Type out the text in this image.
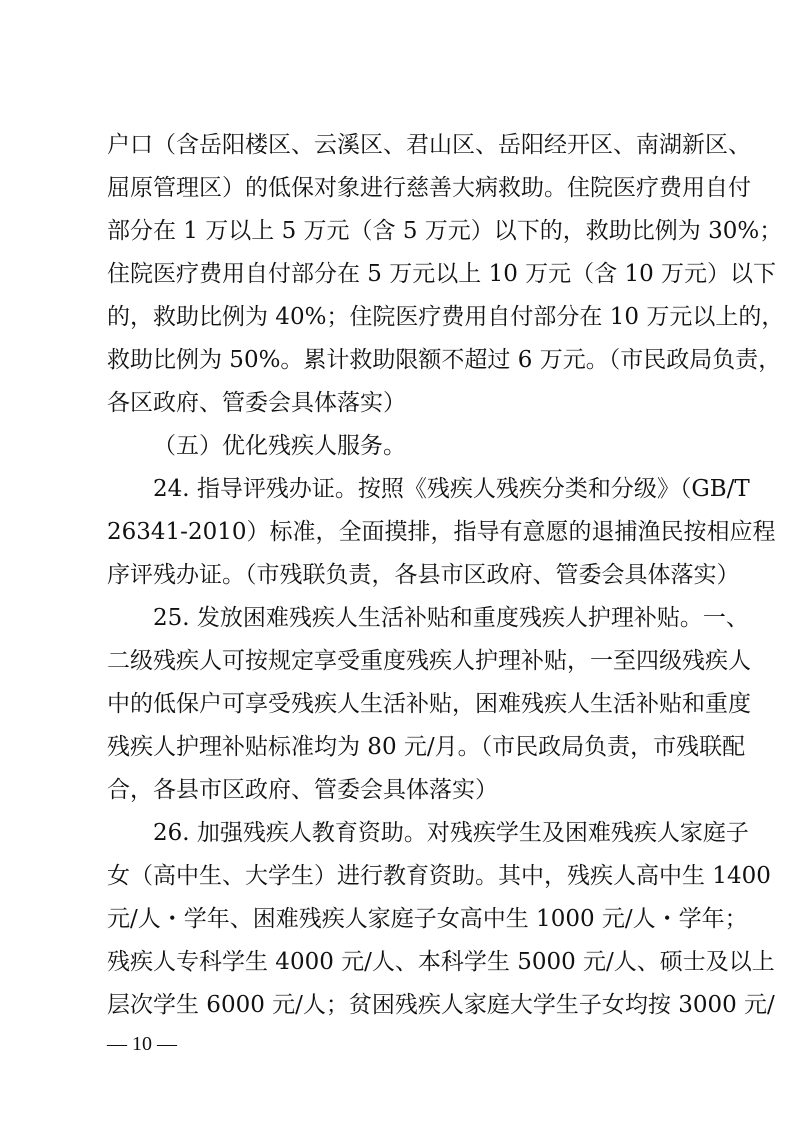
户口（含岳阳楼区、云溪区、君山区、岳阳经开区、南湖新区、
屈原管理区）的低保对象进行慈善大病救助。住院医疗费用自付
部分在 1 万以上 5 万元（含 5 万元）以下的，救助比例为 30%；
住院医疗费用自付部分在 5 万元以上 10 万元（含 10 万元）以下
的，救助比例为 40%；住院医疗费用自付部分在 10 万元以上的，
救助比例为 50%。累计救助限额不超过 6 万元。（市民政局负责，
各区政府、管委会具体落实）
（五）优化残疾人服务。
24. 指导评残办证。按照《残疾人残疾分类和分级》（GB/T
26341-2010）标准，全面摸排，指导有意愿的退捕渔民按相应程
序评残办证。（市残联负责，各县市区政府、管委会具体落实）
25. 发放困难残疾人生活补贴和重度残疾人护理补贴。一、
二级残疾人可按规定享受重度残疾人护理补贴，一至四级残疾人
中的低保户可享受残疾人生活补贴，困难残疾人生活补贴和重度
残疾人护理补贴标准均为 80 元/月。（市民政局负责，市残联配
合，各县市区政府、管委会具体落实）
26. 加强残疾人教育资助。对残疾学生及困难残疾人家庭子
女（高中生、大学生）进行教育资助。其中，残疾人高中生 1400
元/人・学年、困难残疾人家庭子女高中生 1000 元/人・学年；
残疾人专科学生 4000 元/人、本科学生 5000 元/人、硕士及以上
层次学生 6000 元/人；贫困残疾人家庭大学生子女均按 3000 元/
— 10 —
